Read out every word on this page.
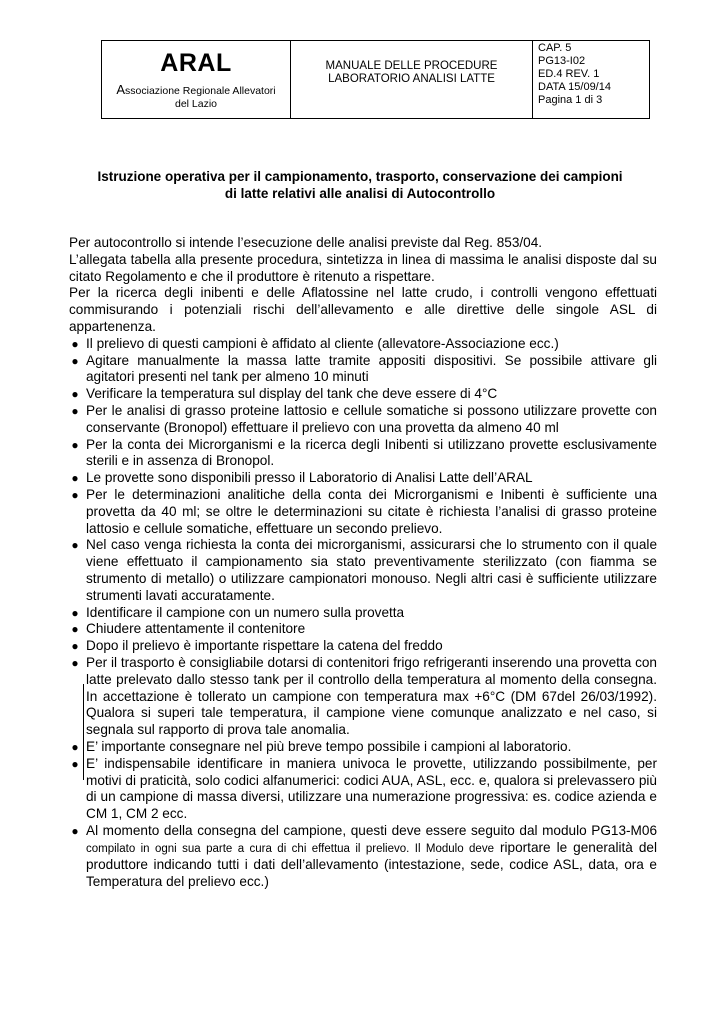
ARAL
Associazione Regionale Allevatori
del Lazio
MANUALE DELLE PROCEDURE
LABORATORIO ANALISI LATTE
CAP. 5
PG13-I02
ED.4 REV. 1
DATA 15/09/14
Pagina 1 di 3
Istruzione operativa per il campionamento, trasporto, conservazione dei campioni
di latte relativi alle analisi di Autocontrollo

Per autocontrollo si intende l’esecuzione delle analisi previste dal Reg. 853/04.

L’allegata tabella alla presente procedura, sintetizza in linea di massima le analisi disposte dal su citato Regolamento e che il produttore è ritenuto a rispettare.

Per la ricerca degli inibenti e delle Aflatossine nel latte crudo, i controlli vengono effettuati commisurando i potenziali rischi dell’allevamento e alle direttive delle singole ASL di appartenenza.

● Il prelievo di questi campioni è affidato al cliente (allevatore-Associazione ecc.)
● Agitare manualmente la massa latte tramite appositi dispositivi. Se possibile attivare gli agitatori presenti nel tank per almeno 10 minuti
● Verificare la temperatura sul display del tank che deve essere di 4°C
● Per le analisi di grasso proteine lattosio e cellule somatiche si possono utilizzare provette con conservante (Bronopol) effettuare il prelievo con una provetta da almeno 40 ml
● Per la conta dei Microrganismi e la ricerca degli Inibenti si utilizzano provette esclusivamente sterili e in assenza di Bronopol.
● Le provette sono disponibili presso il Laboratorio di Analisi Latte dell’ARAL
● Per le determinazioni analitiche della conta dei Microrganismi e Inibenti è sufficiente una provetta da 40 ml; se oltre le determinazioni su citate è richiesta l’analisi di grasso proteine lattosio e cellule somatiche, effettuare un secondo prelievo.
● Nel caso venga richiesta la conta dei microrganismi, assicurarsi che lo strumento con il quale viene effettuato il campionamento sia stato preventivamente sterilizzato (con fiamma se strumento di metallo) o utilizzare campionatori monouso. Negli altri casi è sufficiente utilizzare strumenti lavati accuratamente.
● Identificare il campione con un numero sulla provetta
● Chiudere attentamente il contenitore
● Dopo il prelievo è importante rispettare la catena del freddo
● Per il trasporto è consigliabile dotarsi di contenitori frigo refrigeranti inserendo una provetta con latte prelevato dallo stesso tank per il controllo della temperatura al momento della consegna. In accettazione è tollerato un campione con temperatura max +6°C (DM 67del 26/03/1992). Qualora si superi tale temperatura, il campione viene comunque analizzato e nel caso, si segnala sul rapporto di prova tale anomalia.
● E’ importante consegnare nel più breve tempo possibile i campioni al laboratorio.
● E’ indispensabile identificare in maniera univoca le provette, utilizzando possibilmente, per motivi di praticità, solo codici alfanumerici: codici AUA, ASL, ecc. e, qualora si prelevassero più di un campione di massa diversi, utilizzare una numerazione progressiva: es. codice azienda e CM 1, CM 2 ecc.
● Al momento della consegna del campione, questi deve essere seguito dal modulo PG13-M06 compilato in ogni sua parte a cura di chi effettua il prelievo. Il Modulo deve riportare le generalità del produttore indicando tutti i dati dell’allevamento (intestazione, sede, codice ASL, data, ora e Temperatura del prelievo ecc.)
